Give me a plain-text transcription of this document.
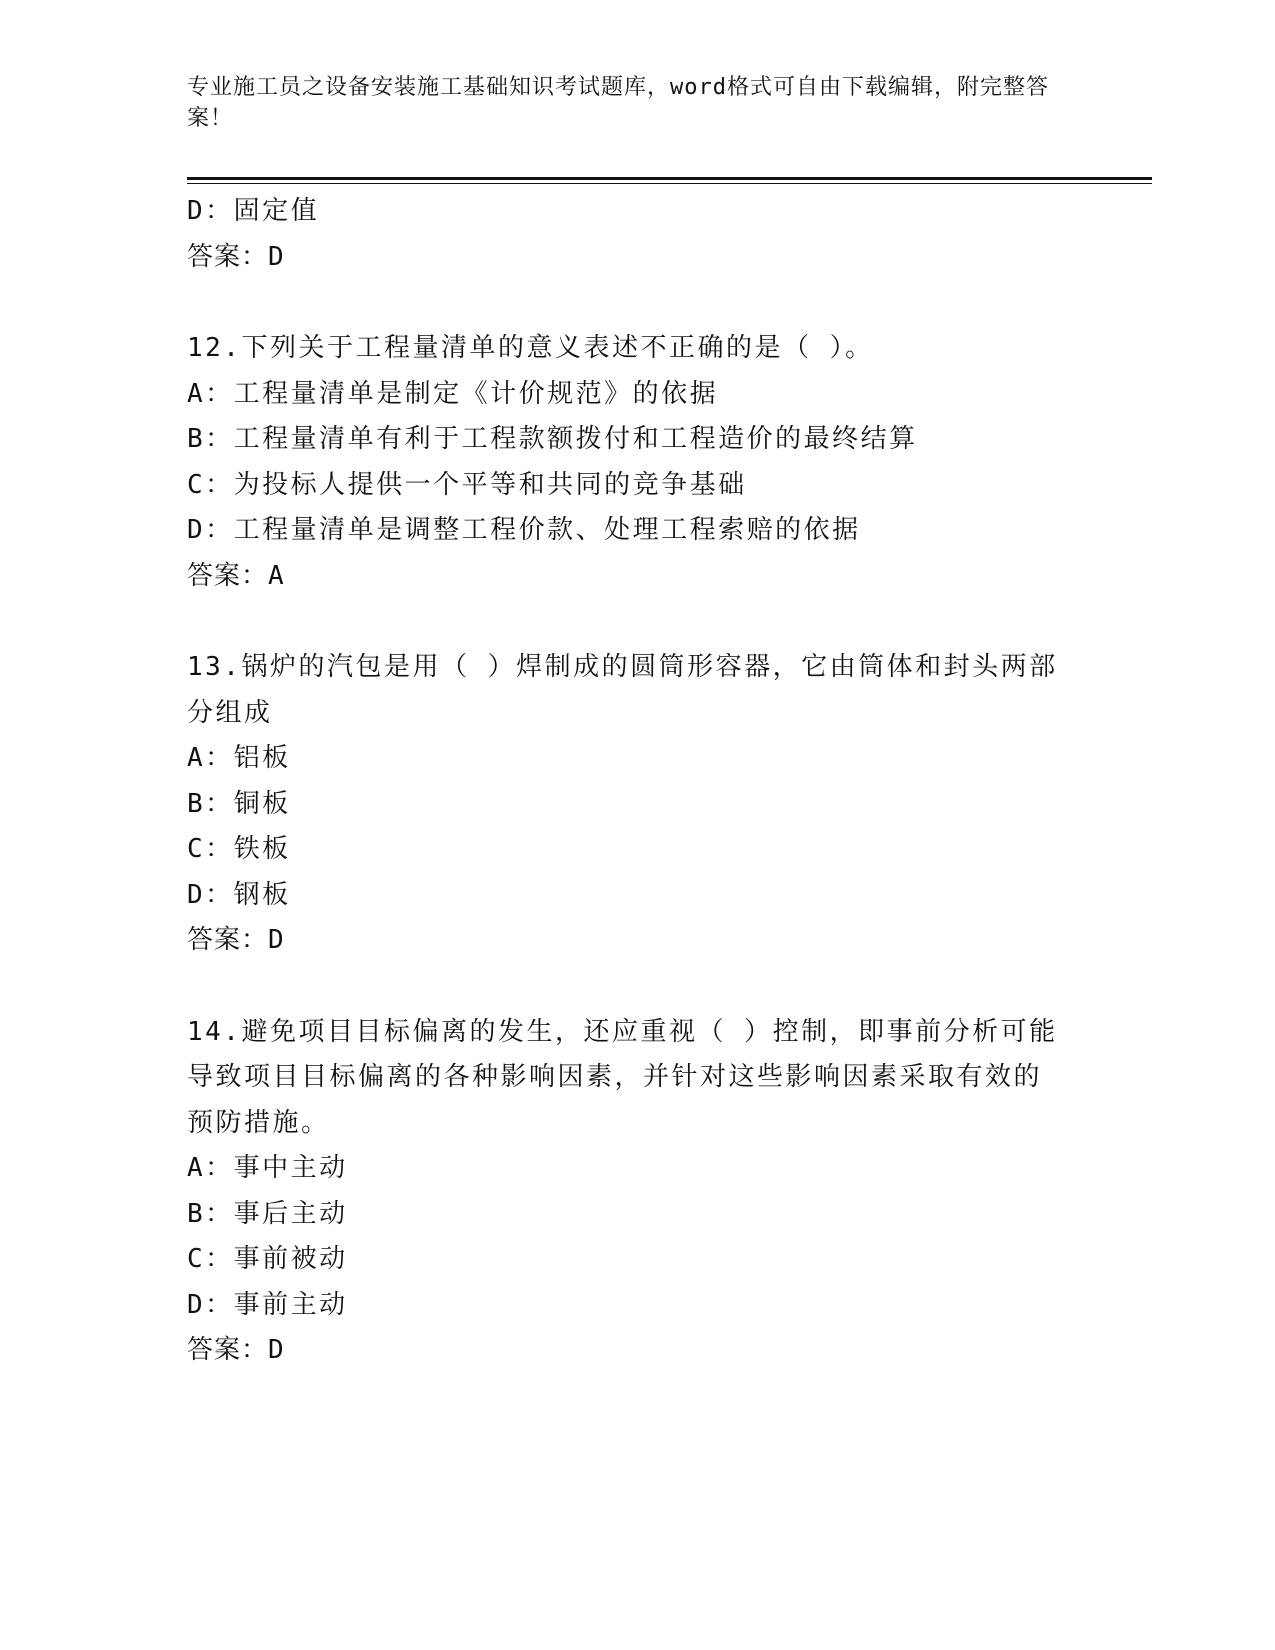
专业施工员之设备安装施工基础知识考试题库，word格式可自由下载编辑，附完整答案！

D：固定值

答案：D

12.下列关于工程量清单的意义表述不正确的是（ ）。

A：工程量清单是制定《计价规范》的依据

B：工程量清单有利于工程款额拨付和工程造价的最终结算

C：为投标人提供一个平等和共同的竞争基础

D：工程量清单是调整工程价款、处理工程索赔的依据

答案：A

13.锅炉的汽包是用（ ）焊制成的圆筒形容器，它由筒体和封头两部分组成

A：铝板

B：铜板

C：铁板

D：钢板

答案：D

14.避免项目目标偏离的发生，还应重视（ ）控制，即事前分析可能导致项目目标偏离的各种影响因素，并针对这些影响因素采取有效的预防措施。

A：事中主动

B：事后主动

C：事前被动

D：事前主动

答案：D
